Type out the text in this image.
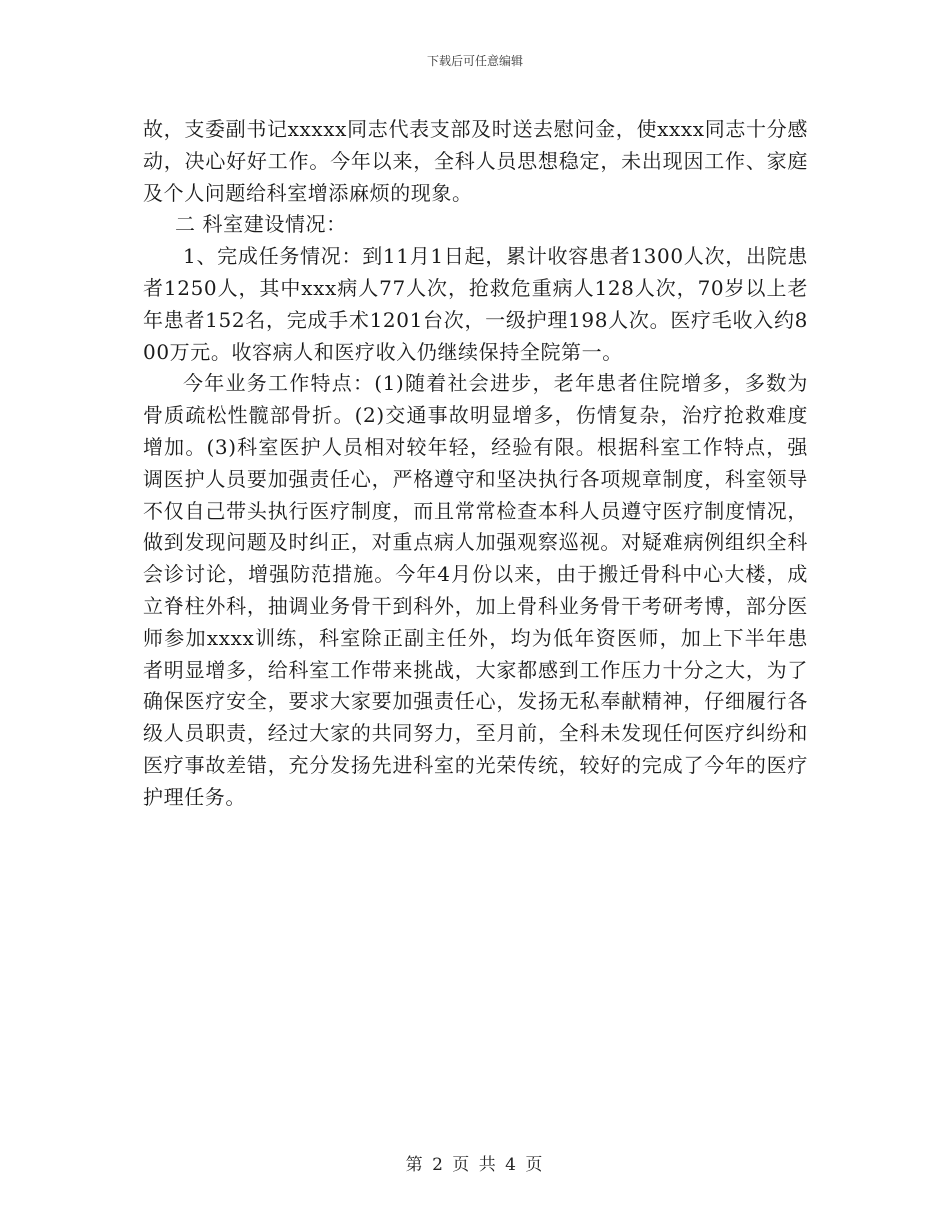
下载后可任意编辑

故，支委副书记xxxxx同志代表支部及时送去慰问金，使xxxx同志十分感动，决心好好工作。今年以来，全科人员思想稳定，未出现因工作、家庭及个人问题给科室增添麻烦的现象。

二 科室建设情况：

1、完成任务情况：到11月1日起，累计收容患者1300人次，出院患者1250人，其中xxx病人77人次，抢救危重病人128人次，70岁以上老年患者152名，完成手术1201台次，一级护理198人次。医疗毛收入约800万元。收容病人和医疗收入仍继续保持全院第一。

今年业务工作特点：(1)随着社会进步，老年患者住院增多，多数为骨质疏松性髋部骨折。(2)交通事故明显增多，伤情复杂，治疗抢救难度增加。(3)科室医护人员相对较年轻，经验有限。根据科室工作特点，强调医护人员要加强责任心，严格遵守和坚决执行各项规章制度，科室领导不仅自己带头执行医疗制度，而且常常检查本科人员遵守医疗制度情况，做到发现问题及时纠正，对重点病人加强观察巡视。对疑难病例组织全科会诊讨论，增强防范措施。今年4月份以来，由于搬迁骨科中心大楼，成立脊柱外科，抽调业务骨干到科外，加上骨科业务骨干考研考博，部分医师参加xxxx训练，科室除正副主任外，均为低年资医师，加上下半年患者明显增多，给科室工作带来挑战，大家都感到工作压力十分之大，为了确保医疗安全，要求大家要加强责任心，发扬无私奉献精神，仔细履行各级人员职责，经过大家的共同努力，至月前，全科未发现任何医疗纠纷和医疗事故差错，充分发扬先进科室的光荣传统，较好的完成了今年的医疗护理任务。

第 2 页 共 4 页
